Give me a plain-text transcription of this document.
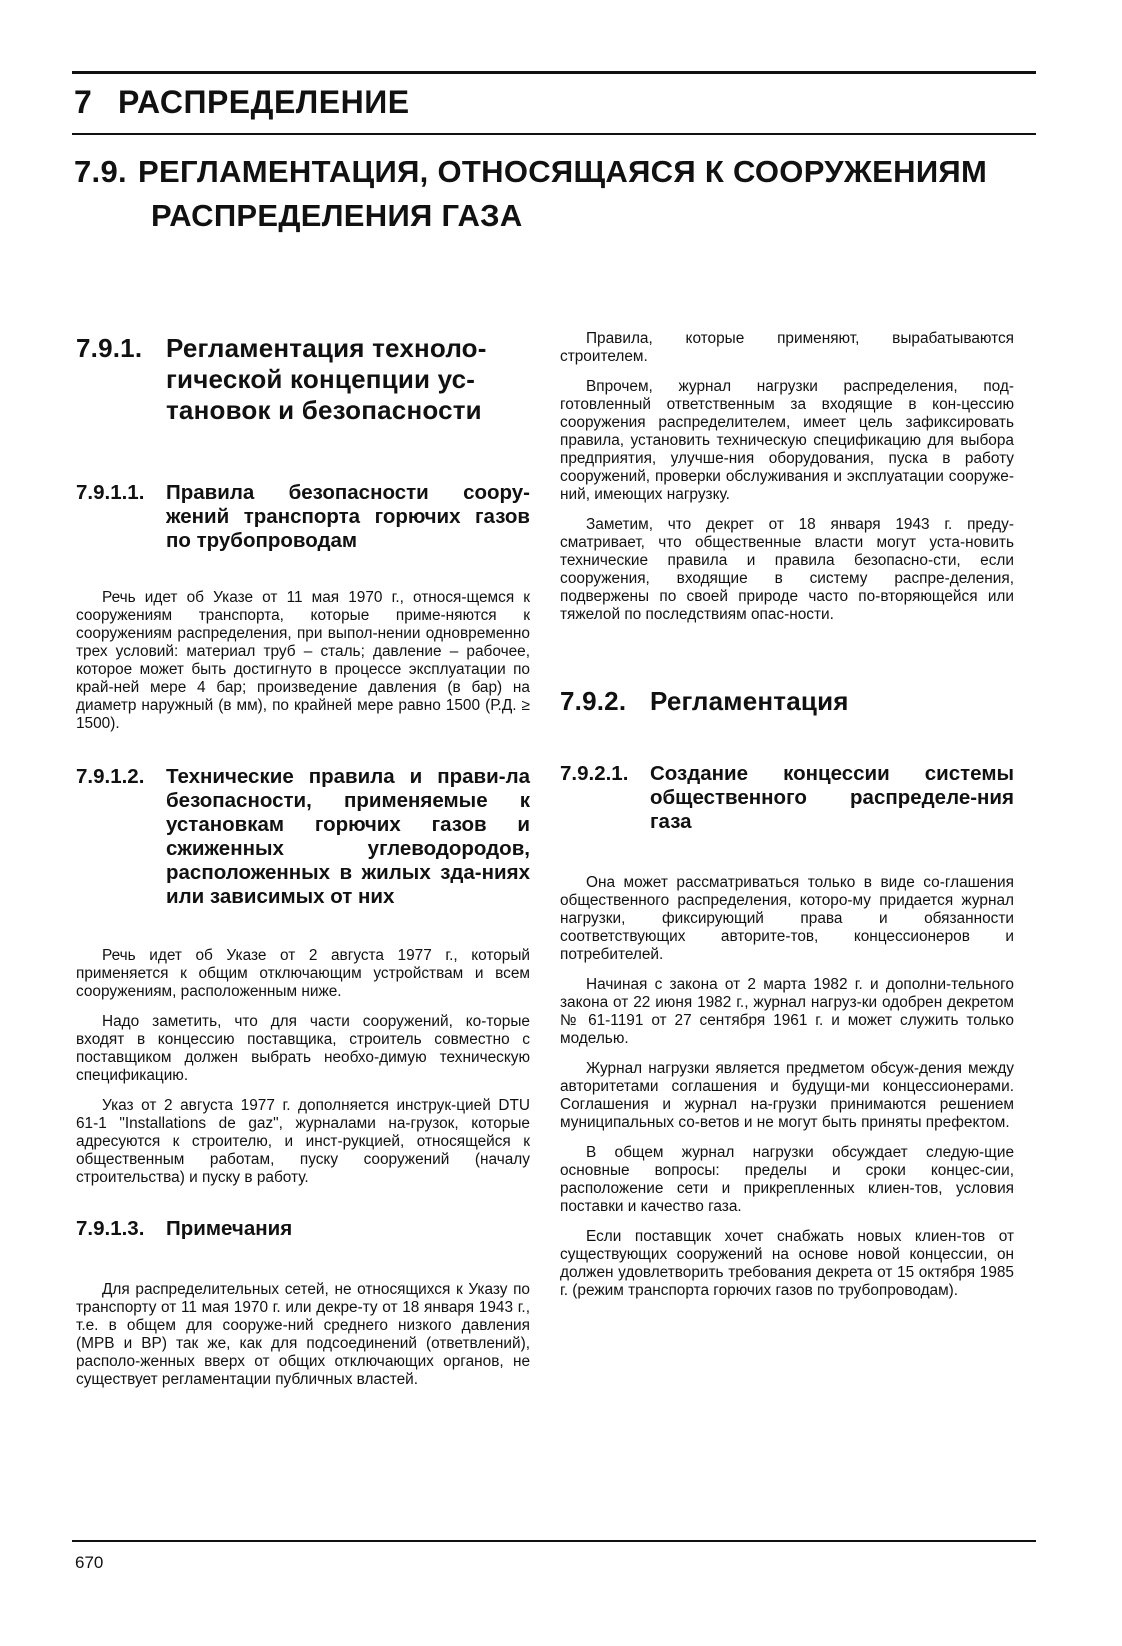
7 РАСПРЕДЕЛЕНИЕ
7.9. РЕГЛАМЕНТАЦИЯ, ОТНОСЯЩАЯСЯ К СООРУЖЕНИЯМ
РАСПРЕДЕЛЕНИЯ ГАЗА
7.9.1. Регламентация техноло-гической концепции ус-тановок и безопасности
7.9.1.1.	Правила безопасности соору-жений транспорта горючих газов по трубопроводам

Речь идет об Указе от 11 мая 1970 г., относя-щемся к сооружениям транспорта, которые приме-няются к сооружениям распределения, при выпол-нении одновременно трех условий: материал труб – сталь; давление – рабочее, которое может быть достигнуто в процессе эксплуатации по край-ней мере 4 бар; произведение давления (в бар) на диаметр наружный (в мм), по крайней мере равно 1500 (Р.Д. ≥ 1500).

7.9.1.2.	Технические правила и прави-ла безопасности, применяемые к установкам горючих газов и сжиженных углеводородов, расположенных в жилых зда-ниях или зависимых от них

Речь идет об Указе от 2 августа 1977 г., который применяется к общим отключающим устройствам и всем сооружениям, расположенным ниже.

Надо заметить, что для части сооружений, ко-торые входят в концессию поставщика, строитель совместно с поставщиком должен выбрать необхо-димую техническую спецификацию.

Указ от 2 августа 1977 г. дополняется инструк-цией DTU 61-1 "Installations de gaz", журналами на-грузок, которые адресуются к строителю, и инст-рукцией, относящейся к общественным работам, пуску сооружений (началу строительства) и пуску в работу.

7.9.1.3.	Примечания

Для распределительных сетей, не относящихся к Указу по транспорту от 11 мая 1970 г. или декре-ту от 18 января 1943 г., т.е. в общем для сооруже-ний среднего низкого давления (МРВ и ВР) так же, как для подсоединений (ответвлений), располо-женных вверх от общих отключающих органов, не существует регламентации публичных властей.

Правила, которые применяют, вырабатываются строителем.

Впрочем, журнал нагрузки распределения, под-готовленный ответственным за входящие в кон-цессию сооружения распределителем, имеет цель зафиксировать правила, установить техническую спецификацию для выбора предприятия, улучше-ния оборудования, пуска в работу сооружений, проверки обслуживания и эксплуатации сооруже-ний, имеющих нагрузку.

Заметим, что декрет от 18 января 1943 г. преду-сматривает, что общественные власти могут уста-новить технические правила и правила безопасно-сти, если сооружения, входящие в систему распре-деления, подвержены по своей природе часто по-вторяющейся или тяжелой по последствиям опас-ности.

7.9.2. Регламентация
7.9.2.1.	Создание концессии системы общественного распределе-ния газа

Она может рассматриваться только в виде со-глашения общественного распределения, которо-му придается журнал нагрузки, фиксирующий права и обязанности соответствующих авторите-тов, концессионеров и потребителей.

Начиная с закона от 2 марта 1982 г. и дополни-тельного закона от 22 июня 1982 г., журнал нагруз-ки одобрен декретом № 61-1191 от 27 сентября 1961 г. и может служить только моделью.

Журнал нагрузки является предметом обсуж-дения между авторитетами соглашения и будущи-ми концессионерами. Соглашения и журнал на-грузки принимаются решением муниципальных со-ветов и не могут быть приняты префектом.

В общем журнал нагрузки обсуждает следую-щие основные вопросы: пределы и сроки концес-сии, расположение сети и прикрепленных клиен-тов, условия поставки и качество газа.

Если поставщик хочет снабжать новых клиен-тов от существующих сооружений на основе новой концессии, он должен удовлетворить требования декрета от 15 октября 1985 г. (режим транспорта горючих газов по трубопроводам).

670
